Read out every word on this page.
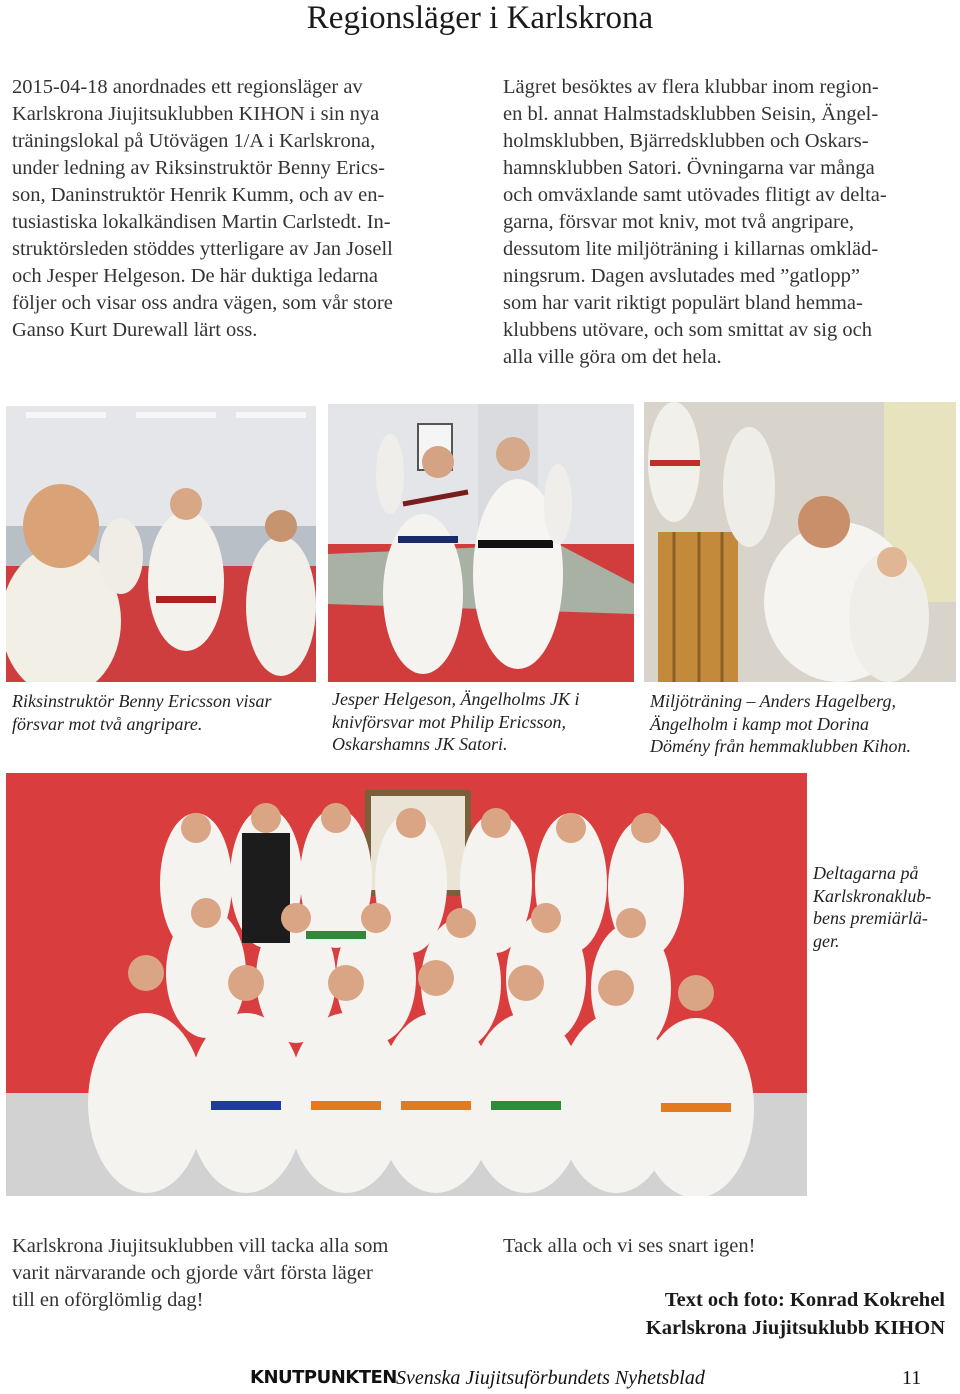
Regionsläger i Karlskrona
2015-04-18 anordnades ett regionsläger av
Karlskrona Jiujitsuklubben KIHON i sin nya
träningslokal på Utövägen 1/A i Karlskrona,
under ledning av Riksinstruktör Benny Erics-
son, Daninstruktör Henrik Kumm, och av en-
tusiastiska lokalkändisen Martin Carlstedt. In-
struktörsleden stöddes ytterligare av Jan Josell
och Jesper Helgeson. De här duktiga ledarna
följer och visar oss andra vägen, som vår store
Ganso Kurt Durewall lärt oss.
Lägret besöktes av flera klubbar inom region-
en bl. annat Halmstadsklubben Seisin, Ängel-
holmsklubben, Bjärredsklubben och Oskars-
hamnsklubben Satori. Övningarna var många
och omväxlande samt utövades flitigt av delta-
garna, försvar mot kniv, mot två angripare,
dessutom lite miljöträning i killarnas omkläd-
ningsrum. Dagen avslutades med ”gatlopp”
som har varit riktigt populärt bland hemma-
klubbens utövare, och som smittat av sig och
alla ville göra om det hela.
Riksinstruktör Benny Ericsson visar
försvar mot två angripare.
Jesper Helgeson, Ängelholms JK i
knivförsvar mot Philip Ericsson,
Oskarshamns JK Satori.
Miljöträning – Anders Hagelberg,
Ängelholm i kamp mot Dorina
Dömény från hemmaklubben Kihon.
Deltagarna på
Karlskronaklub-
bens premiärlä-
ger.
Karlskrona Jiujitsuklubben vill tacka alla som
varit närvarande och gjorde vårt första läger
till en oförglömlig dag!
Tack alla och vi ses snart igen!
Text och foto: Konrad Kokrehel
Karlskrona Jiujitsuklubb KIHON
KNUTPUNKTEN Svenska Jiujitsuförbundets Nyhetsblad	11
